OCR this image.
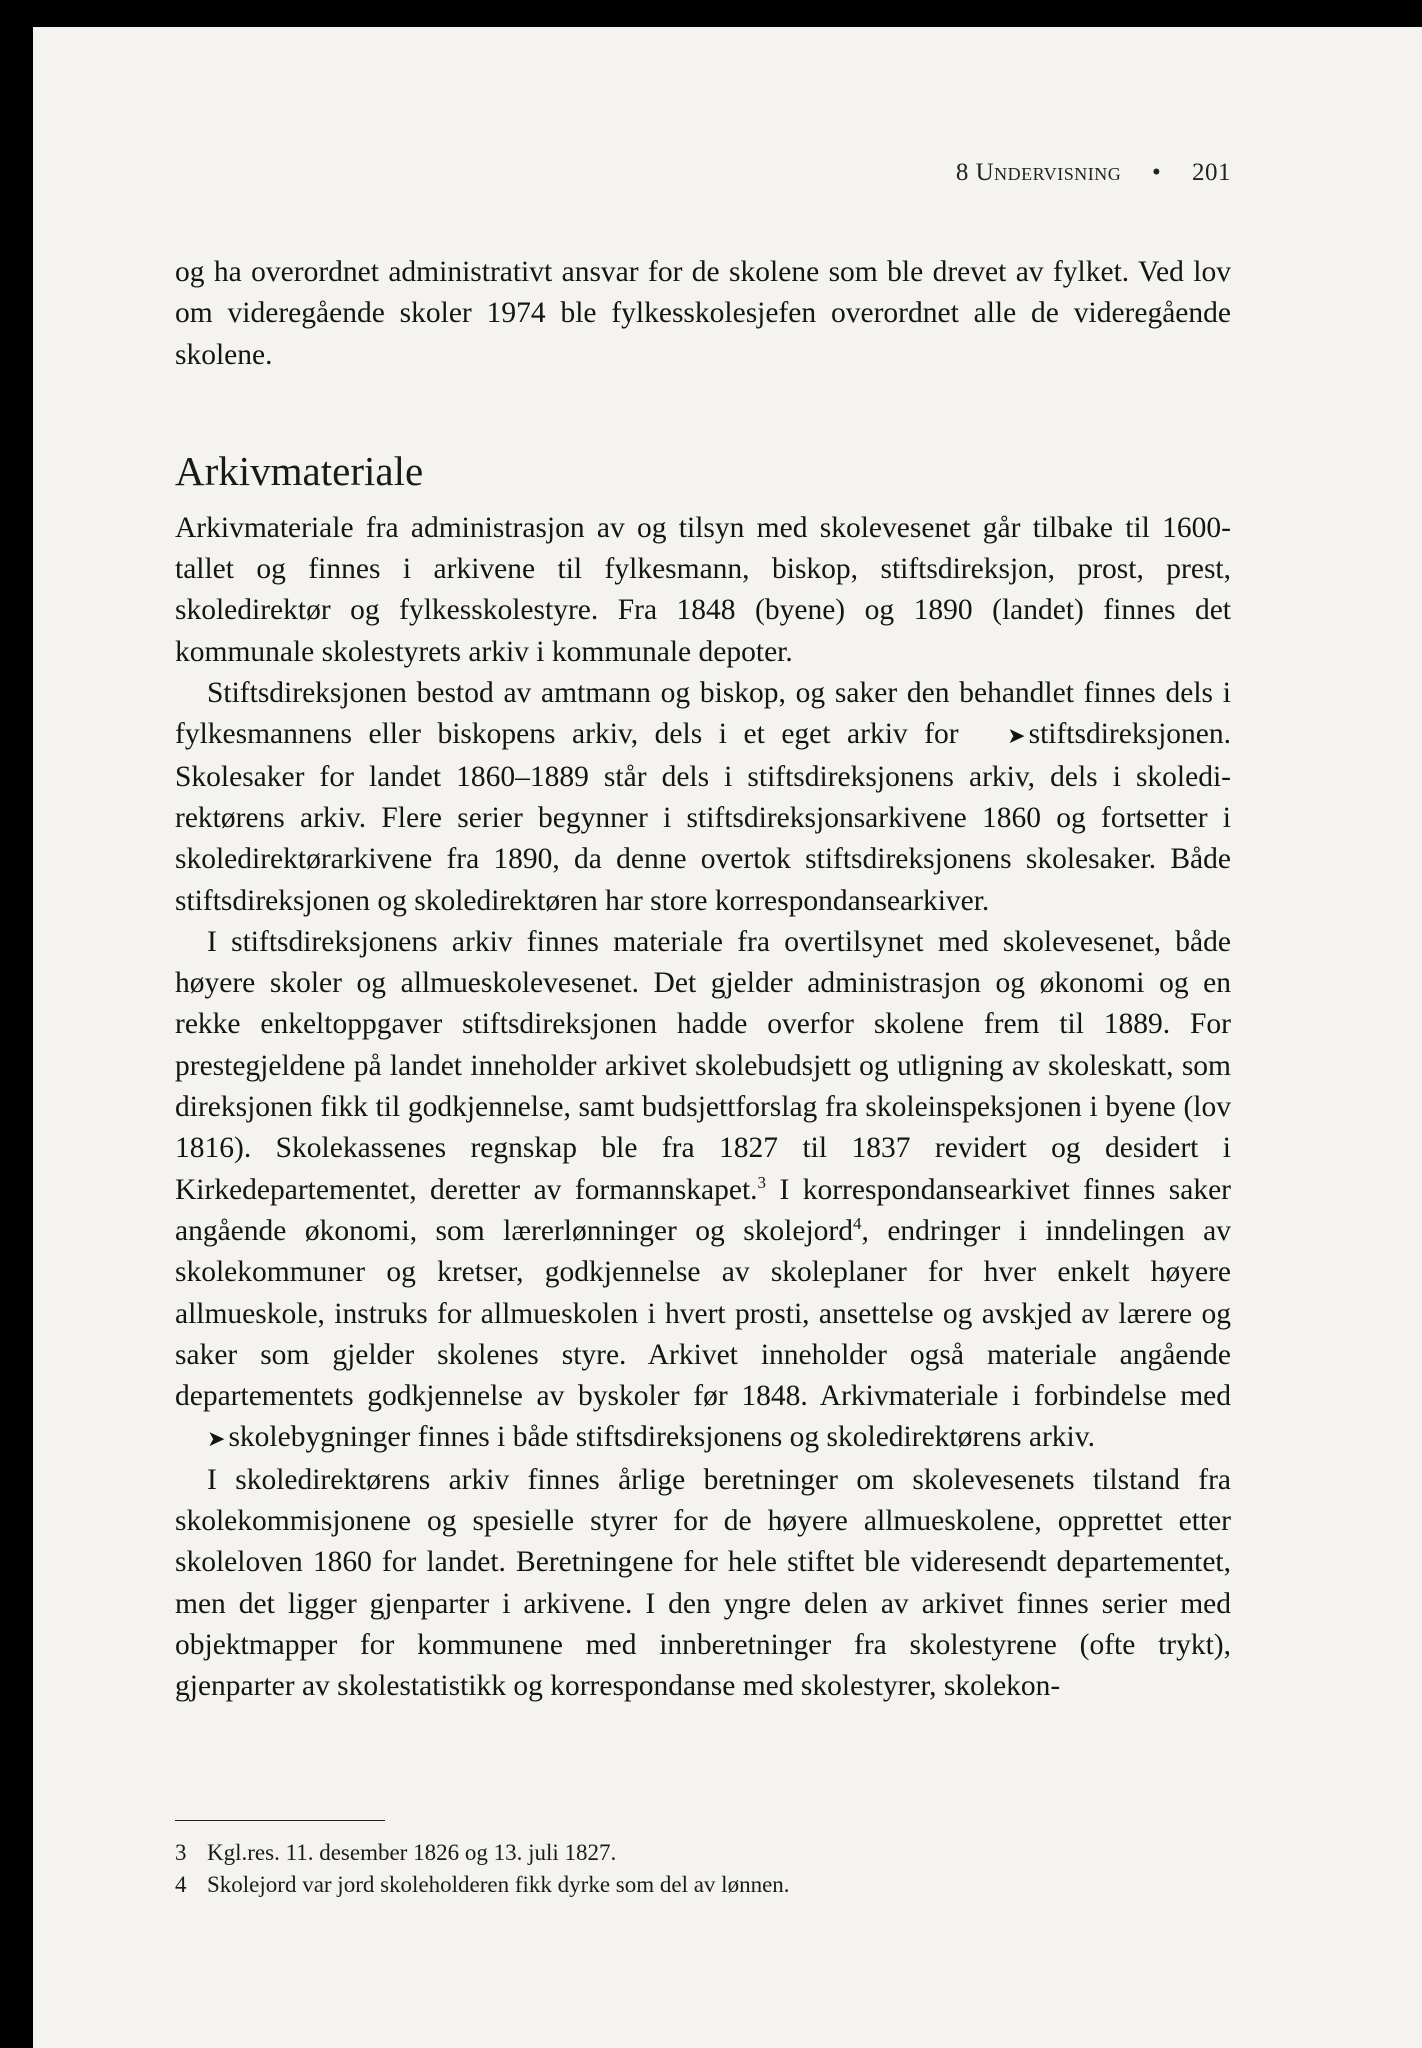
8 Undervisning • 201

og ha overordnet administrativt ansvar for de skolene som ble drevet av fylket. Ved lov om videregående skoler 1974 ble fylkesskolesjefen overordnet alle de videregående skolene.

Arkivmateriale

Arkivmateriale fra administrasjon av og tilsyn med skolevesenet går tilbake til 1600-tallet og finnes i arkivene til fylkesmann, biskop, stiftsdireksjon, prost, prest, skoledirektør og fylkesskolestyre. Fra 1848 (byene) og 1890 (landet) finnes det kommunale skolestyrets arkiv i kommunale depoter.

Stiftsdireksjonen bestod av amtmann og biskop, og saker den behandlet finnes dels i fylkesmannens eller biskopens arkiv, dels i et eget arkiv for ➤ stiftsdireksjonen. Skolesaker for landet 1860–1889 står dels i stiftsdireksjonens arkiv, dels i skoledirektørens arkiv. Flere serier begynner i stiftsdireksjonsarkivene 1860 og fortsetter i skoledirektørarkivene fra 1890, da denne overtok stiftsdireksjonens skolesaker. Både stiftsdireksjonen og skoledirektøren har store korrespondansearkiver.

I stiftsdireksjonens arkiv finnes materiale fra overtilsynet med skolevesenet, både høyere skoler og allmueskolevesenet. Det gjelder administrasjon og økonomi og en rekke enkeltoppgaver stiftsdireksjonen hadde overfor skolene frem til 1889. For prestegjeldene på landet inneholder arkivet skolebudsjett og utligning av skoleskatt, som direksjonen fikk til godkjennelse, samt budsjettforslag fra skoleinspeksjonen i byene (lov 1816). Skolekassenes regnskap ble fra 1827 til 1837 revidert og desidert i Kirkedepartementet, deretter av formannskapet.$^3$ I korrespondansearkivet finnes saker angående økonomi, som lærerlønninger og skolejord$^4$, endringer i inndelingen av skolekommuner og kretser, godkjennelse av skoleplaner for hver enkelt høyere allmueskole, instruks for allmueskolen i hvert prosti, ansettelse og avskjed av lærere og saker som gjelder skolenes styre. Arkivet inneholder også materiale angående departementets godkjennelse av byskoler før 1848. Arkivmateriale i forbindelse med ➤ skolebygninger finnes i både stiftsdireksjonens og skoledirektørens arkiv.

I skoledirektørens arkiv finnes årlige beretninger om skolevesenets tilstand fra skolekommisjonene og spesielle styrer for de høyere allmueskolene, opprettet etter skoleloven 1860 for landet. Beretningene for hele stiftet ble videresendt departementet, men det ligger gjenparter i arkivene. I den yngre delen av arkivet finnes serier med objektmapper for kommunene med innberetninger fra skolestyrene (ofte trykt), gjenparter av skolestatistikk og korrespondanse med skolestyrer, skolekon-

3 Kgl.res. 11. desember 1826 og 13. juli 1827.
4 Skolejord var jord skoleholderen fikk dyrke som del av lønnen.
